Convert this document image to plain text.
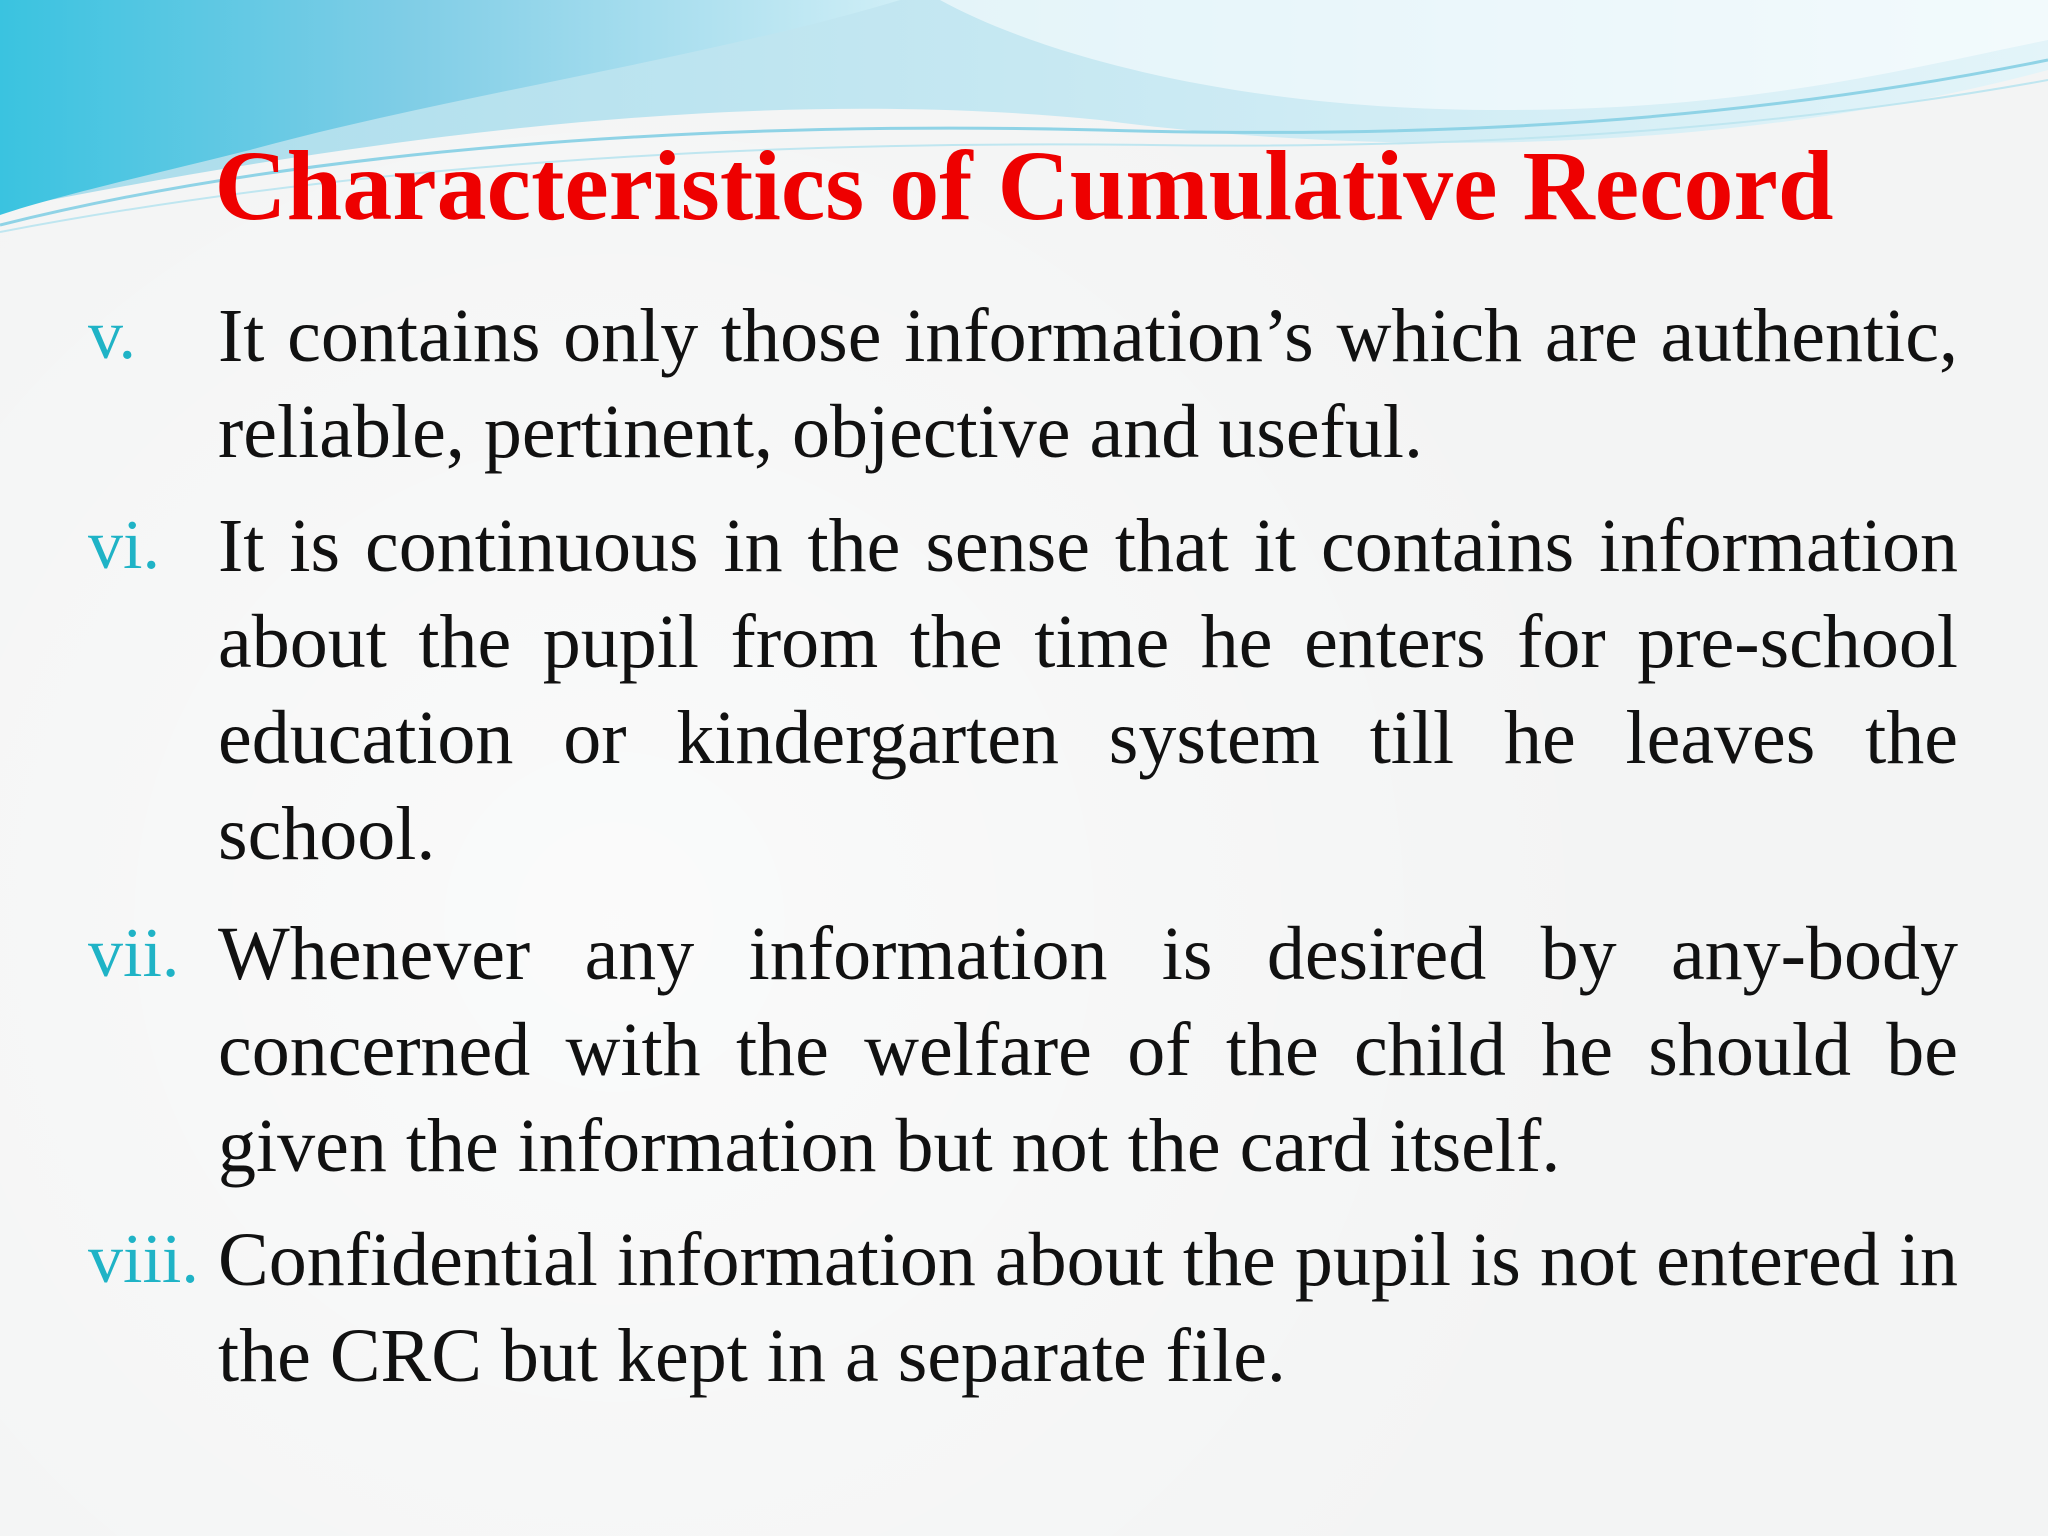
Characteristics of Cumulative Record
v. It contains only those information’s which are authentic, reliable, pertinent, objective and useful.
vi. It is continuous in the sense that it contains information about the pupil from the time he enters for pre-school education or kindergarten system till he leaves the school.
vii. Whenever any information is desired by any-body concerned with the welfare of the child he should be given the information but not the card itself.
viii. Confidential information about the pupil is not entered in the CRC but kept in a separate file.
